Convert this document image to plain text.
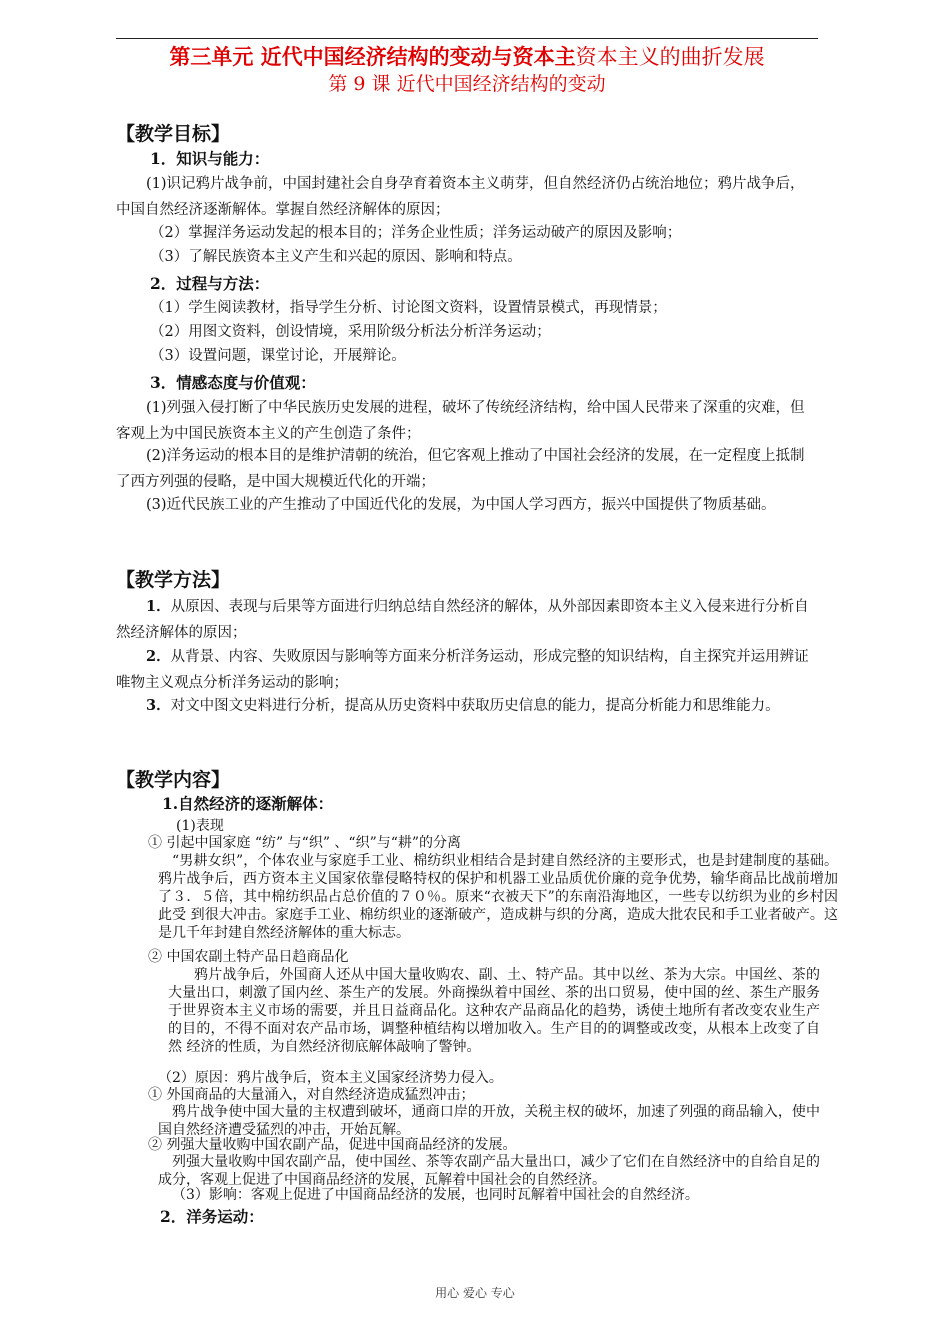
第三单元 近代中国经济结构的变动与资本主资本主义的曲折发展
第 9 课 近代中国经济结构的变动
【教学目标】
1．知识与能力：
(1)识记鸦片战争前，中国封建社会自身孕育着资本主义萌芽，但自然经济仍占统治地位；鸦片战争后，中国自然经济逐渐解体。掌握自然经济解体的原因；
（2）掌握洋务运动发起的根本目的；洋务企业性质；洋务运动破产的原因及影响；
（3）了解民族资本主义产生和兴起的原因、影响和特点。
2．过程与方法：
（1）学生阅读教材，指导学生分析、讨论图文资料，设置情景模式，再现情景；
（2）用图文资料，创设情境，采用阶级分析法分析洋务运动；
（3）设置问题，课堂讨论，开展辩论。
3．情感态度与价值观：
(1)列强入侵打断了中华民族历史发展的进程，破坏了传统经济结构，给中国人民带来了深重的灾难，但客观上为中国民族资本主义的产生创造了条件；
(2)洋务运动的根本目的是维护清朝的统治，但它客观上推动了中国社会经济的发展，在一定程度上抵制了西方列强的侵略，是中国大规模近代化的开端；
(3)近代民族工业的产生推动了中国近代化的发展，为中国人学习西方，振兴中国提供了物质基础。
【教学方法】
1．从原因、表现与后果等方面进行归纳总结自然经济的解体，从外部因素即资本主义入侵来进行分析自然经济解体的原因；
2．从背景、内容、失败原因与影响等方面来分析洋务运动，形成完整的知识结构，自主探究并运用辨证唯物主义观点分析洋务运动的影响；
3．对文中图文史料进行分析，提高从历史资料中获取历史信息的能力，提高分析能力和思维能力。
【教学内容】
1.自然经济的逐渐解体：
(1)表现
① 引起中国家庭 “纺” 与“织” 、“织”与“耕”的分离
“男耕女织”，个体农业与家庭手工业、棉纺织业相结合是封建自然经济的主要形式，也是封建制度的基础。鸦片战争后，西方资本主义国家依靠侵略特权的保护和机器工业品质优价廉的竞争优势，输华商品比战前增加了３．５倍，其中棉纺织品占总价值的７０％。原来“衣被天下”的东南沿海地区，一些专以纺织为业的乡村因此受 到很大冲击。家庭手工业、棉纺织业的逐渐破产，造成耕与织的分离，造成大批农民和手工业者破产。这是几千年封建自然经济解体的重大标志。
② 中国农副土特产品日趋商品化
鸦片战争后，外国商人还从中国大量收购农、副、土、特产品。其中以丝、茶为大宗。中国丝、茶的大量出口，刺激了国内丝、茶生产的发展。外商操纵着中国丝、茶的出口贸易，使中国的丝、茶生产服务于世界资本主义市场的需要，并且日益商品化。这种农产品商品化的趋势，诱使土地所有者改变农业生产的目的，不得不面对农产品市场，调整种植结构以增加收入。生产目的的调整或改变，从根本上改变了自然 经济的性质，为自然经济彻底解体敲响了警钟。
（2）原因：鸦片战争后，资本主义国家经济势力侵入。
① 外国商品的大量涌入，对自然经济造成猛烈冲击；
鸦片战争使中国大量的主权遭到破坏，通商口岸的开放，关税主权的破坏，加速了列强的商品输入，使中国自然经济遭受猛烈的冲击，开始瓦解。
② 列强大量收购中国农副产品，促进中国商品经济的发展。
列强大量收购中国农副产品，使中国丝、茶等农副产品大量出口，减少了它们在自然经济中的自给自足的成分，客观上促进了中国商品经济的发展，瓦解着中国社会的自然经济。
（3）影响：客观上促进了中国商品经济的发展，也同时瓦解着中国社会的自然经济。
2．洋务运动：
用心 爱心 专心
